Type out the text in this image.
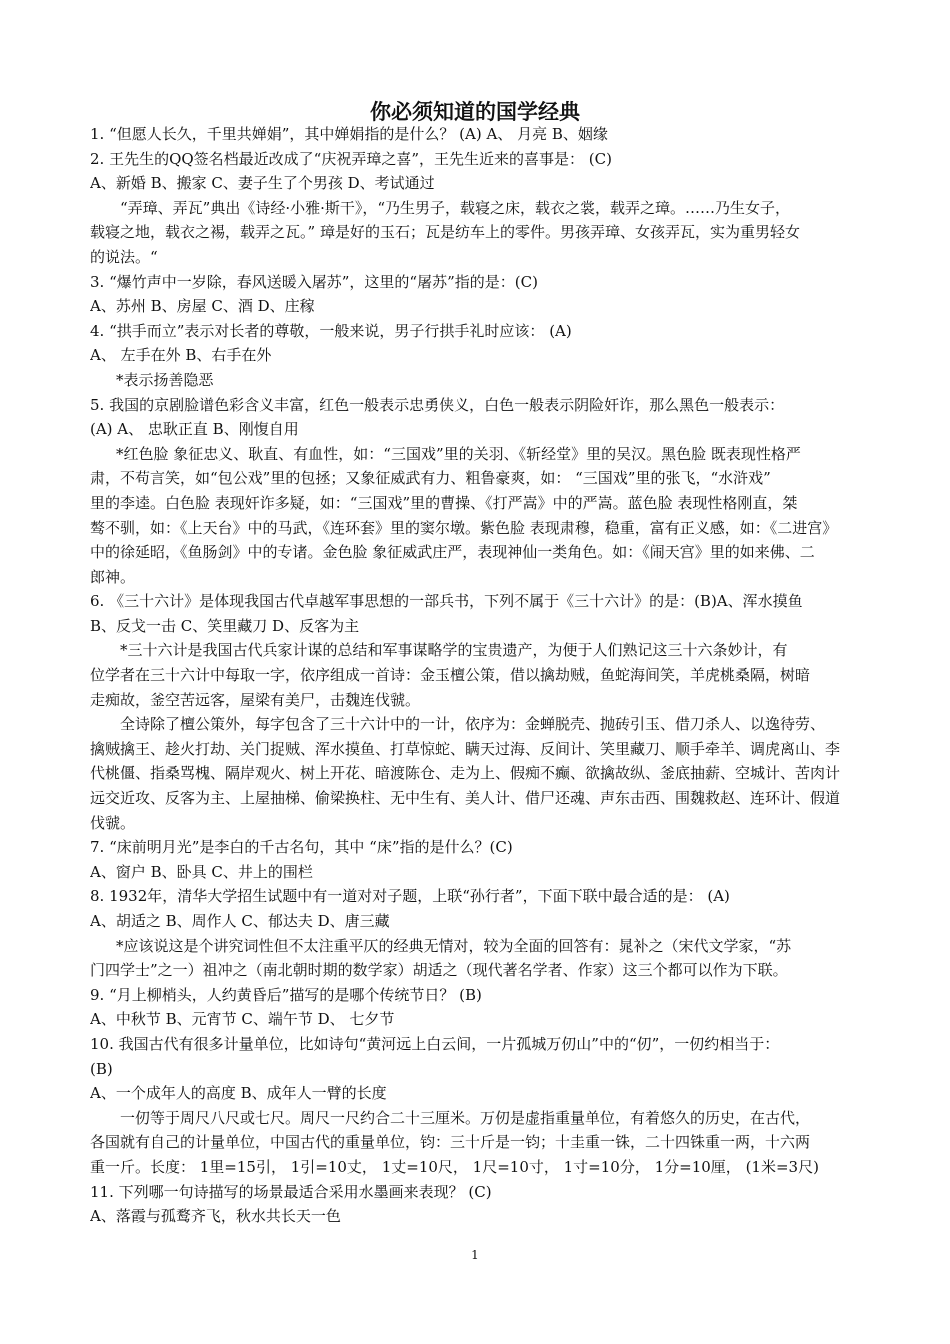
你必须知道的国学经典
1. “但愿人长久，千里共婵娟”，其中婵娟指的是什么？ (A) A、 月亮 B、姻缘
2. 王先生的QQ签名档最近改成了“庆祝弄璋之喜”，王先生近来的喜事是： (C)
A、新婚 B、搬家 C、妻子生了个男孩 D、考试通过
“弄璋、弄瓦”典出《诗经·小雅·斯干》，“乃生男子，载寝之床，载衣之裳，载弄之璋。……乃生女子，
载寝之地，载衣之裼，载弄之瓦。” 璋是好的玉石；瓦是纺车上的零件。男孩弄璋、女孩弄瓦，实为重男轻女
的说法。“
3. “爆竹声中一岁除，春风送暖入屠苏”，这里的“屠苏”指的是：(C)
A、苏州 B、房屋 C、酒 D、庄稼
4. “拱手而立”表示对长者的尊敬，一般来说，男子行拱手礼时应该： (A)
A、 左手在外 B、右手在外
*表示扬善隐恶
5. 我国的京剧脸谱色彩含义丰富，红色一般表示忠勇侠义，白色一般表示阴险奸诈，那么黑色一般表示：
(A) A、 忠耿正直 B、刚愎自用
*红色脸 象征忠义、耿直、有血性，如：“三国戏”里的关羽、《斩经堂》里的吴汉。黑色脸 既表现性格严
肃，不苟言笑，如“包公戏”里的包拯；又象征威武有力、粗鲁豪爽，如： “三国戏”里的张飞，“水浒戏”
里的李逵。白色脸 表现奸诈多疑，如：“三国戏”里的曹操、《打严嵩》中的严嵩。蓝色脸 表现性格刚直，桀
骜不驯，如：《上天台》中的马武，《连环套》里的窦尔墩。紫色脸 表现肃穆，稳重，富有正义感，如：《二进宫》
中的徐延昭，《鱼肠剑》中的专诸。金色脸 象征威武庄严，表现神仙一类角色。如：《闹天宫》里的如来佛、二
郎神。
6. 《三十六计》是体现我国古代卓越军事思想的一部兵书，下列不属于《三十六计》的是：(B)A、浑水摸鱼
B、反戈一击 C、笑里藏刀 D、反客为主
*三十六计是我国古代兵家计谋的总结和军事谋略学的宝贵遗产，为便于人们熟记这三十六条妙计，有
位学者在三十六计中每取一字，依序组成一首诗：金玉檀公策，借以擒劫贼，鱼蛇海间笑，羊虎桃桑隔，树暗
走痴故，釜空苦远客，屋梁有美尸，击魏连伐虢。
全诗除了檀公策外，每字包含了三十六计中的一计，依序为：金蝉脱壳、抛砖引玉、借刀杀人、以逸待劳、
擒贼擒王、趁火打劫、关门捉贼、浑水摸鱼、打草惊蛇、瞒天过海、反间计、笑里藏刀、顺手牵羊、调虎离山、李
代桃僵、指桑骂槐、隔岸观火、树上开花、暗渡陈仓、走为上、假痴不癫、欲擒故纵、釜底抽薪、空城计、苦肉计
远交近攻、反客为主、上屋抽梯、偷梁换柱、无中生有、美人计、借尸还魂、声东击西、围魏救赵、连环计、假道
伐虢。
7. “床前明月光”是李白的千古名句，其中 “床”指的是什么？(C)
A、窗户 B、卧具 C、井上的围栏
8. 1932年，清华大学招生试题中有一道对对子题，上联“孙行者”，下面下联中最合适的是： (A)
A、胡适之 B、周作人 C、郁达夫 D、唐三藏
*应该说这是个讲究词性但不太注重平仄的经典无情对，较为全面的回答有：晁补之（宋代文学家，“苏
门四学士”之一）祖冲之（南北朝时期的数学家）胡适之（现代著名学者、作家）这三个都可以作为下联。
9. “月上柳梢头，人约黄昏后”描写的是哪个传统节日？ (B)
A、中秋节 B、元宵节 C、端午节 D、 七夕节
10. 我国古代有很多计量单位，比如诗句“黄河远上白云间，一片孤城万仞山”中的“仞”，一仞约相当于：
(B)
A、一个成年人的高度 B、成年人一臂的长度
一仞等于周尺八尺或七尺。周尺一尺约合二十三厘米。万仞是虚指重量单位，有着悠久的历史，在古代，
各国就有自己的计量单位，中国古代的重量单位，钧：三十斤是一钧；十圭重一铢，二十四铢重一两，十六两
重一斤。长度： 1里=15引， 1引=10丈， 1丈=10尺， 1尺=10寸， 1寸=10分， 1分=10厘， (1米=3尺)
11. 下列哪一句诗描写的场景最适合采用水墨画来表现？ (C)
A、落霞与孤鹜齐飞，秋水共长天一色
1
